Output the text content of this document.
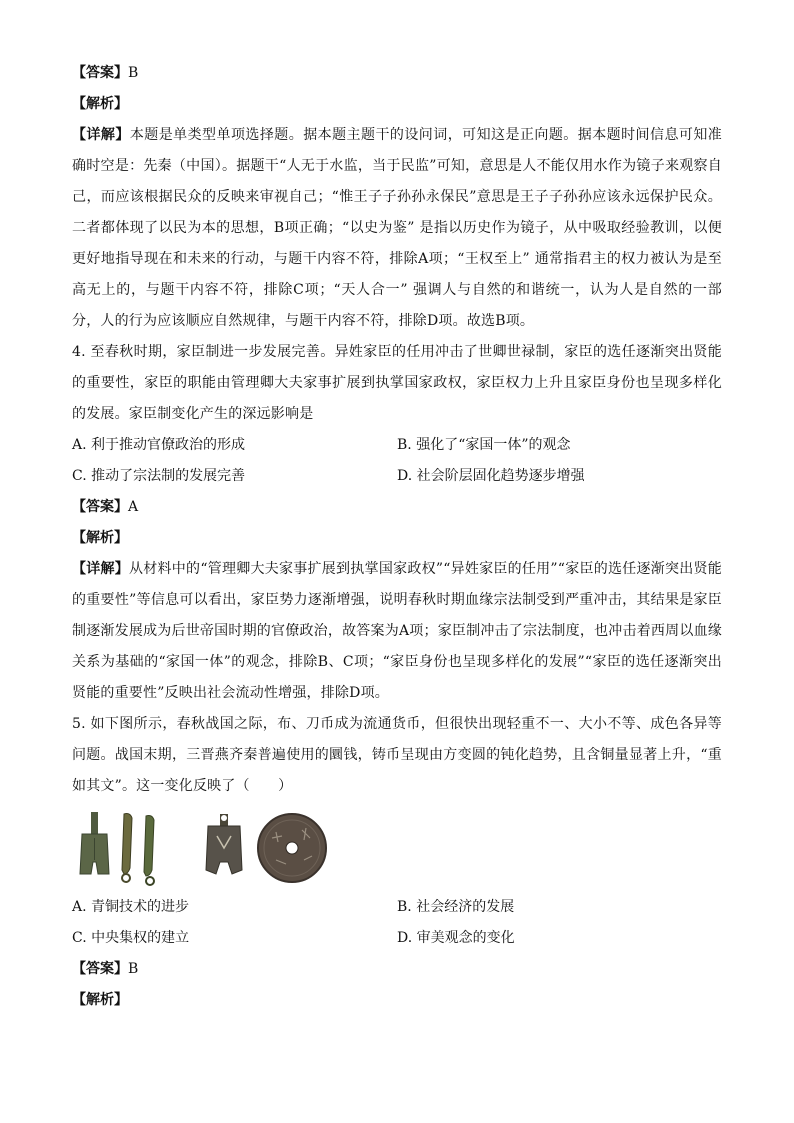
【答案】B
【解析】
【详解】本题是单类型单项选择题。据本题主题干的设问词，可知这是正向题。据本题时间信息可知准确时空是：先秦（中国）。据题干“人无于水监，当于民监”可知，意思是人不能仅用水作为镜子来观察自己，而应该根据民众的反映来审视自己；“惟王子子孙孙永保民”意思是王子子孙孙应该永远保护民众。二者都体现了以民为本的思想，B项正确；“以史为鉴” 是指以历史作为镜子，从中吸取经验教训，以便更好地指导现在和未来的行动，与题干内容不符，排除A项；“王权至上” 通常指君主的权力被认为是至高无上的，与题干内容不符，排除C项；“天人合一” 强调人与自然的和谐统一，认为人是自然的一部分，人的行为应该顺应自然规律，与题干内容不符，排除D项。故选B项。
4. 至春秋时期，家臣制进一步发展完善。异姓家臣的任用冲击了世卿世禄制，家臣的选任逐渐突出贤能的重要性，家臣的职能由管理卿大夫家事扩展到执掌国家政权，家臣权力上升且家臣身份也呈现多样化的发展。家臣制变化产生的深远影响是
A. 利于推动官僚政治的形成	B. 强化了“家国一体”的观念
C. 推动了宗法制的发展完善	D. 社会阶层固化趋势逐步增强
【答案】A
【解析】
【详解】从材料中的“管理卿大夫家事扩展到执掌国家政权”“异姓家臣的任用”“家臣的选任逐渐突出贤能的重要性”等信息可以看出，家臣势力逐渐增强，说明春秋时期血缘宗法制受到严重冲击，其结果是家臣制逐渐发展成为后世帝国时期的官僚政治，故答案为A项；家臣制冲击了宗法制度，也冲击着西周以血缘关系为基础的“家国一体”的观念，排除B、C项；“家臣身份也呈现多样化的发展”“家臣的选任逐渐突出贤能的重要性”反映出社会流动性增强，排除D项。
5. 如下图所示，春秋战国之际，布、刀币成为流通货币，但很快出现轻重不一、大小不等、成色各异等问题。战国末期，三晋燕齐秦普遍使用的圜钱，铸币呈现由方变圆的钝化趋势，且含铜量显著上升，“重如其文”。这一变化反映了（　　）
A. 青铜技术的进步	B. 社会经济的发展
C. 中央集权的建立	D. 审美观念的变化
【答案】B
【解析】
